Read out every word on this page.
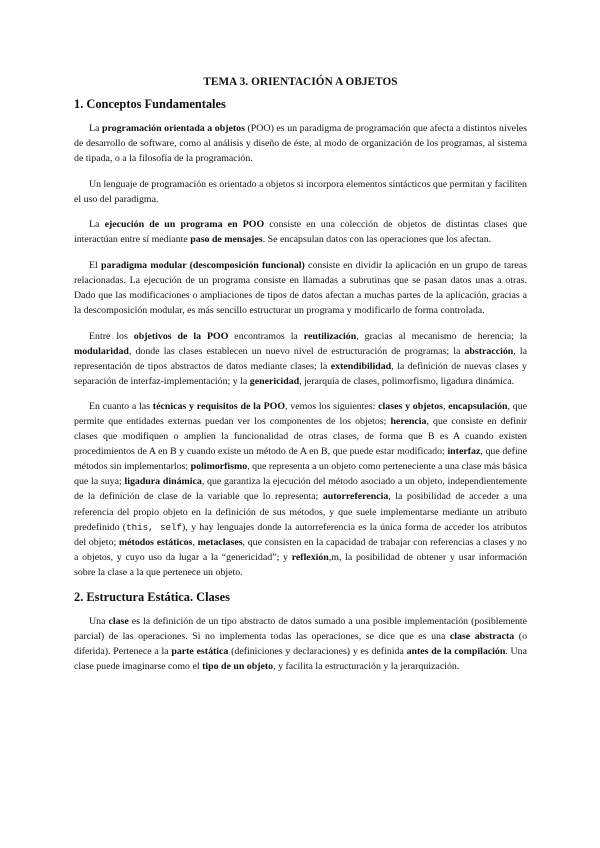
TEMA 3. ORIENTACIÓN A OBJETOS
1. Conceptos Fundamentales

La programación orientada a objetos (POO) es un paradigma de programación que afecta a distintos niveles de desarrollo de software, como al análisis y diseño de éste, al modo de organización de los programas, al sistema de tipada, o a la filosofía de la programación.

Un lenguaje de programación es orientado a objetos si incorpora elementos sintácticos que permitan y faciliten el uso del paradigma.

La ejecución de un programa en POO consiste en una colección de objetos de distintas clases que interactúan entre sí mediante paso de mensajes. Se encapsulan datos con las operaciones que los afectan.

El paradigma modular (descomposición funcional) consiste en dividir la aplicación en un grupo de tareas relacionadas. La ejecución de un programa consiste en llamadas a subrutinas que se pasan datos unas a otras. Dado que las modificaciones o ampliaciones de tipos de datos afectan a muchas partes de la aplicación, gracias a la descomposición modular, es más sencillo estructurar un programa y modificarlo de forma controlada.

Entre los objetivos de la POO encontramos la reutilización, gracias al mecanismo de herencia; la modularidad, donde las clases establecen un nuevo nivel de estructuración de programas; la abstracción, la representación de tipos abstractos de datos mediante clases; la extendibilidad, la definición de nuevas clases y separación de interfaz-implementación; y la genericidad, jerarquía de clases, polimorfismo, ligadura dinámica.

En cuanto a las técnicas y requisitos de la POO, vemos los siguientes: clases y objetos, encapsulación, que permite que entidades externas puedan ver los componentes de los objetos; herencia, que consiste en definir clases que modifiquen o amplíen la funcionalidad de otras clases, de forma que B es A cuando existen procedimientos de A en B y cuando existe un método de A en B, que puede estar modificado; interfaz, que define métodos sin implementarlos; polimorfismo, que representa a un objeto como perteneciente a una clase más básica que la suya; ligadura dinámica, que garantiza la ejecución del método asociado a un objeto, independientemente de la definición de clase de la variable que lo representa; autorreferencia, la posibilidad de acceder a una referencia del propio objeto en la definición de sus métodos, y que suele implementarse mediante un atributo predefinido (this, self), y hay lenguajes donde la autorreferencia es la única forma de acceder los atributos del objeto; métodos estáticos, metaclases, que consisten en la capacidad de trabajar con referencias a clases y no a objetos, y cuyo uso da lugar a la “genericidad”; y reflexión,m, la posibilidad de obtener y usar información sobre la clase a la que pertenece un objeto.

2. Estructura Estática. Clases

Una clase es la definición de un tipo abstracto de datos sumado a una posible implementación (posiblemente parcial) de las operaciones. Si no implementa todas las operaciones, se dice que es una clase abstracta (o diferida). Pertenece a la parte estática (definiciones y declaraciones) y es definida antes de la compilación. Una clase puede imaginarse como el tipo de un objeto, y facilita la estructuración y la jerarquización.
